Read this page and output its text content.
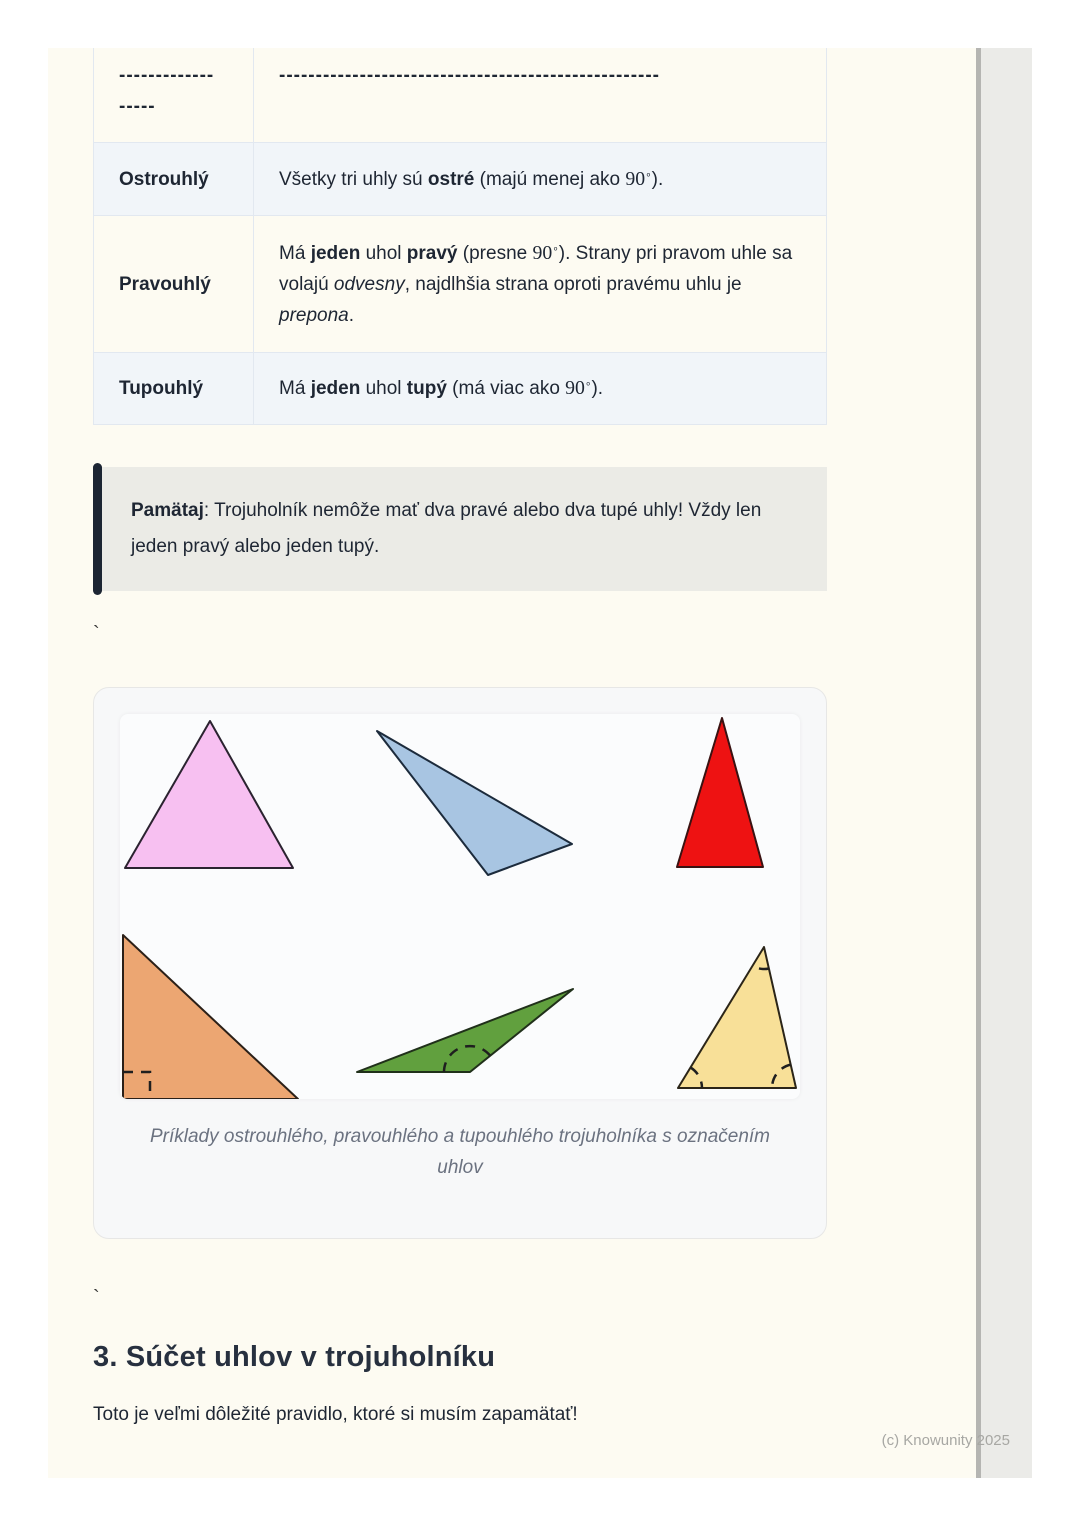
-------------
-----	----------------------------------------------------

Ostrouhlý	Všetky tri uhly sú ostré (majú menej ako 90∘).

Pravouhlý	Má jeden uhol pravý (presne 90∘). Strany pri pravom uhle sa volajú odvesny, najdlhšia strana oproti pravému uhlu je prepona.

Tupouhlý	Má jeden uhol tupý (má viac ako 90∘).
Pamätaj: Trojuholník nemôže mať dva pravé alebo dva tupé uhly! Vždy len jeden pravý alebo jeden tupý.
`
Príklady ostrouhlého, pravouhlého a tupouhlého trojuholníka s označením uhlov
`
3. Súčet uhlov v trojuholníku

Toto je veľmi dôležité pravidlo, ktoré si musím zapamätať!

(c) Knowunity 2025
